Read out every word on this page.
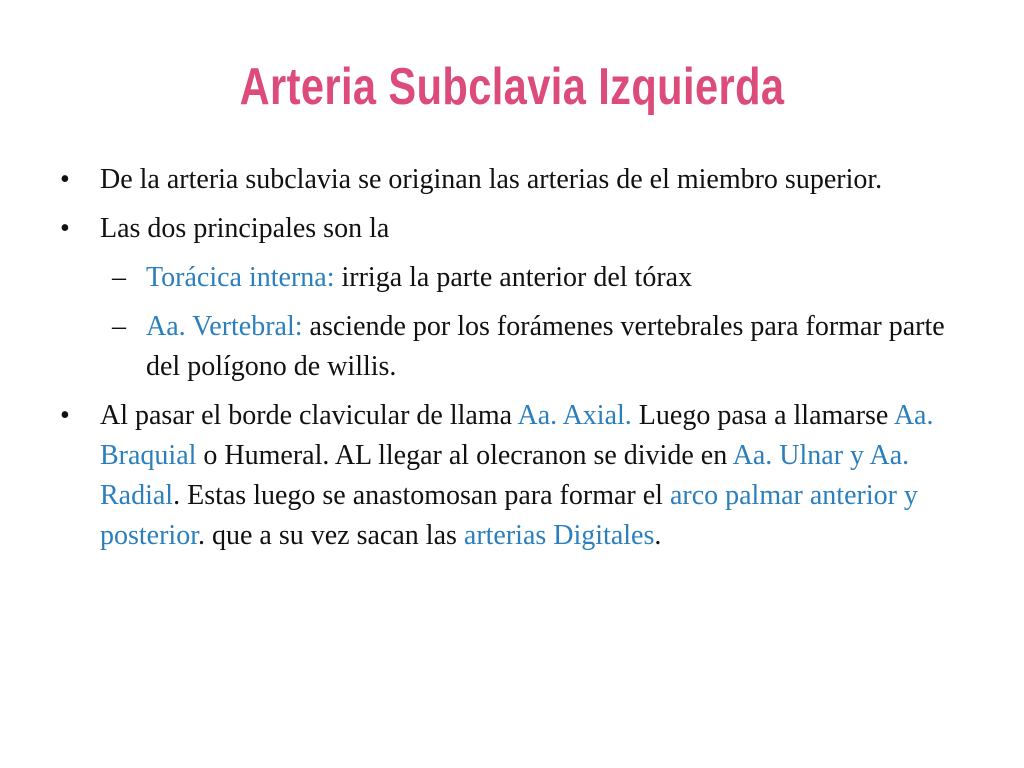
Arteria Subclavia Izquierda
• De la arteria subclavia se originan las arterias de el miembro superior.
• Las dos principales son la
– Torácica interna: irriga la parte anterior del tórax
– Aa. Vertebral: asciende por los forámenes vertebrales para formar parte del polígono de willis.
• Al pasar el borde clavicular de llama Aa. Axial. Luego pasa a llamarse Aa. Braquial o Humeral. AL llegar al olecranon se divide en Aa. Ulnar y Aa. Radial. Estas luego se anastomosan para formar el arco palmar anterior y posterior. que a su vez sacan las arterias Digitales.
